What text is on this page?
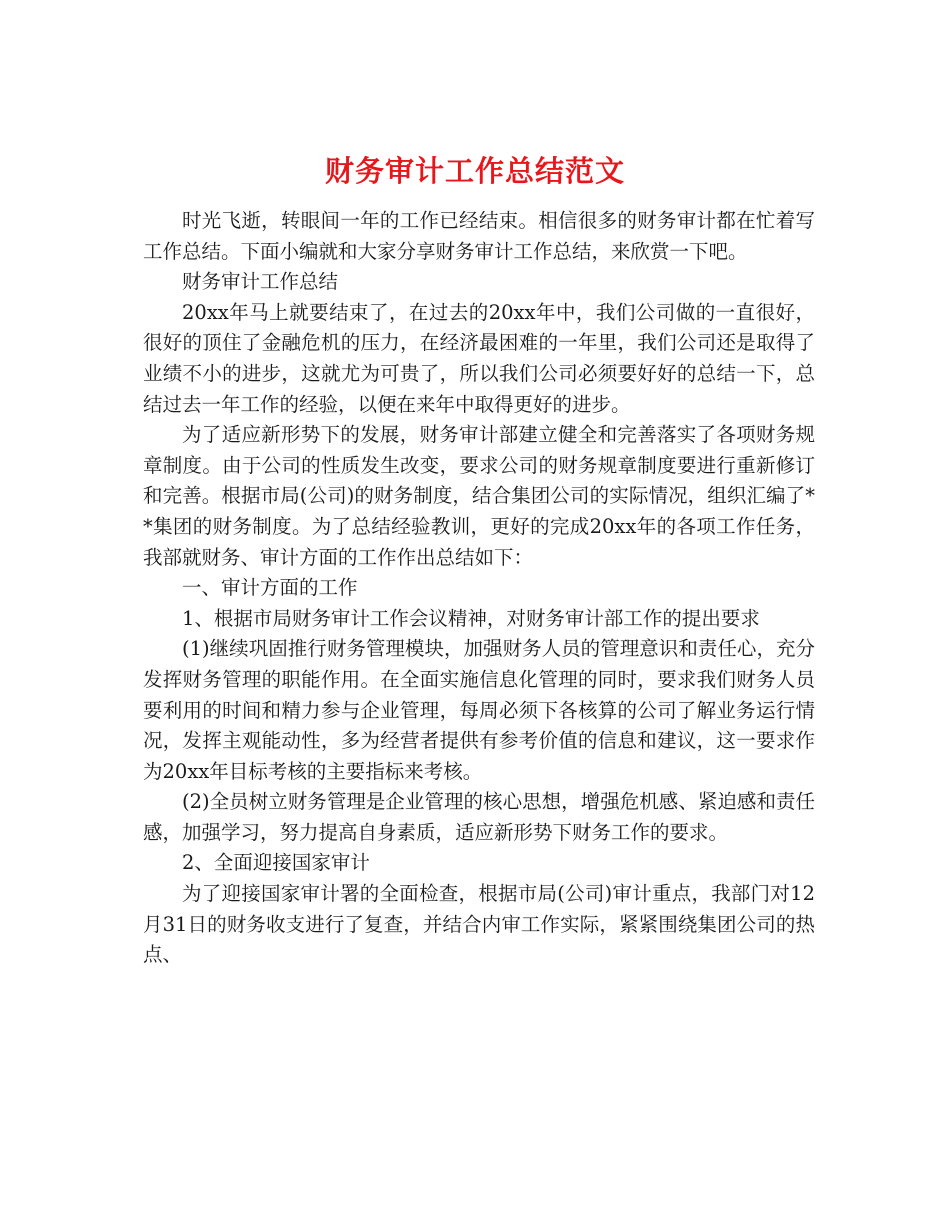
财务审计工作总结范文

时光飞逝，转眼间一年的工作已经结束。相信很多的财务审计都在忙着写工作总结。下面小编就和大家分享财务审计工作总结，来欣赏一下吧。

财务审计工作总结

20xx年马上就要结束了，在过去的20xx年中，我们公司做的一直很好，很好的顶住了金融危机的压力，在经济最困难的一年里，我们公司还是取得了业绩不小的进步，这就尤为可贵了，所以我们公司必须要好好的总结一下，总结过去一年工作的经验，以便在来年中取得更好的进步。

为了适应新形势下的发展，财务审计部建立健全和完善落实了各项财务规章制度。由于公司的性质发生改变，要求公司的财务规章制度要进行重新修订和完善。根据市局(公司)的财务制度，结合集团公司的实际情况，组织汇编了**集团的财务制度。为了总结经验教训，更好的完成20xx年的各项工作任务，我部就财务、审计方面的工作作出总结如下：

一、审计方面的工作

1、根据市局财务审计工作会议精神，对财务审计部工作的提出要求

(1)继续巩固推行财务管理模块，加强财务人员的管理意识和责任心，充分发挥财务管理的职能作用。在全面实施信息化管理的同时，要求我们财务人员要利用的时间和精力参与企业管理，每周必须下各核算的公司了解业务运行情况，发挥主观能动性，多为经营者提供有参考价值的信息和建议，这一要求作为20xx年目标考核的主要指标来考核。

(2)全员树立财务管理是企业管理的核心思想，增强危机感、紧迫感和责任感，加强学习，努力提高自身素质，适应新形势下财务工作的要求。

2、全面迎接国家审计

为了迎接国家审计署的全面检查，根据市局(公司)审计重点，我部门对12月31日的财务收支进行了复查，并结合内审工作实际，紧紧围绕集团公司的热点、
